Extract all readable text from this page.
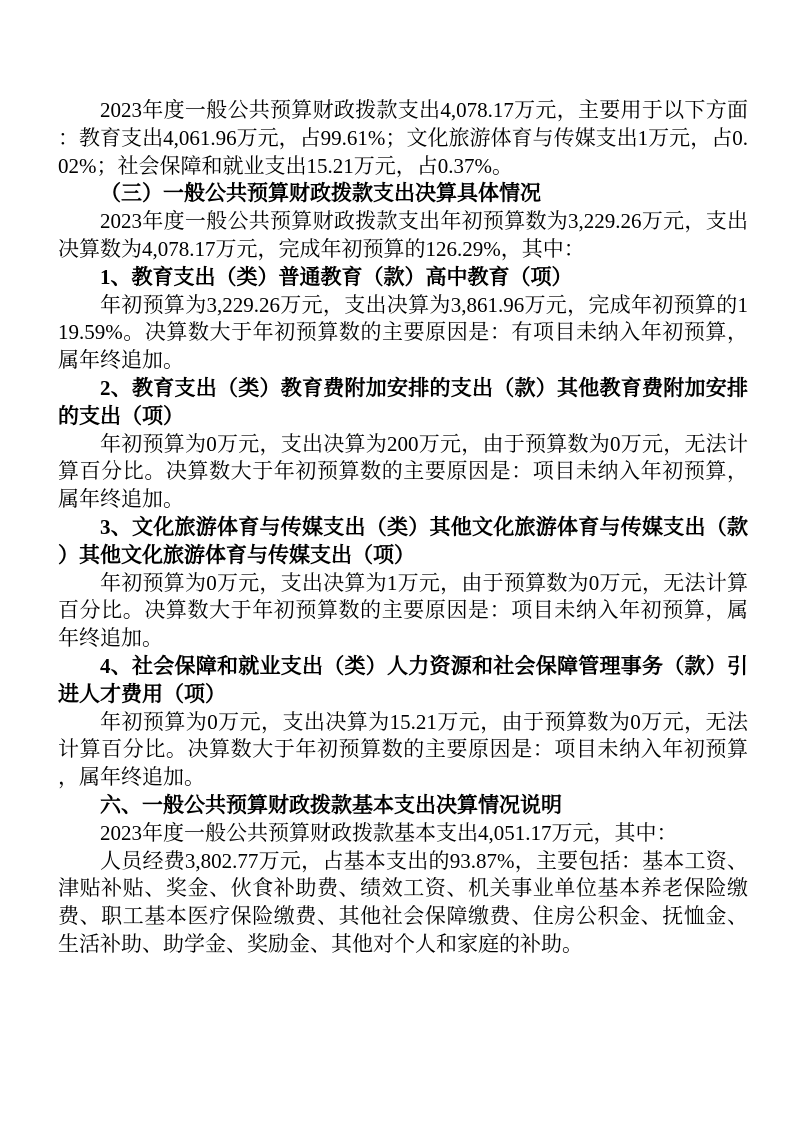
2023年度一般公共预算财政拨款支出4,078.17万元，主要用于以下方面：教育支出4,061.96万元，占99.61%；文化旅游体育与传媒支出1万元，占0.02%；社会保障和就业支出15.21万元，占0.37%。

（三）一般公共预算财政拨款支出决算具体情况

2023年度一般公共预算财政拨款支出年初预算数为3,229.26万元，支出决算数为4,078.17万元，完成年初预算的126.29%，其中：

1、教育支出（类）普通教育（款）高中教育（项）

年初预算为3,229.26万元，支出决算为3,861.96万元，完成年初预算的119.59%。决算数大于年初预算数的主要原因是：有项目未纳入年初预算，属年终追加。

2、教育支出（类）教育费附加安排的支出（款）其他教育费附加安排的支出（项）

年初预算为0万元，支出决算为200万元，由于预算数为0万元，无法计算百分比。决算数大于年初预算数的主要原因是：项目未纳入年初预算，属年终追加。

3、文化旅游体育与传媒支出（类）其他文化旅游体育与传媒支出（款）其他文化旅游体育与传媒支出（项）

年初预算为0万元，支出决算为1万元，由于预算数为0万元，无法计算百分比。决算数大于年初预算数的主要原因是：项目未纳入年初预算，属年终追加。

4、社会保障和就业支出（类）人力资源和社会保障管理事务（款）引进人才费用（项）

年初预算为0万元，支出决算为15.21万元，由于预算数为0万元，无法计算百分比。决算数大于年初预算数的主要原因是：项目未纳入年初预算，属年终追加。

六、一般公共预算财政拨款基本支出决算情况说明

2023年度一般公共预算财政拨款基本支出4,051.17万元，其中：

人员经费3,802.77万元，占基本支出的93.87%，主要包括：基本工资、津贴补贴、奖金、伙食补助费、绩效工资、机关事业单位基本养老保险缴费、职工基本医疗保险缴费、其他社会保障缴费、住房公积金、抚恤金、生活补助、助学金、奖励金、其他对个人和家庭的补助。
